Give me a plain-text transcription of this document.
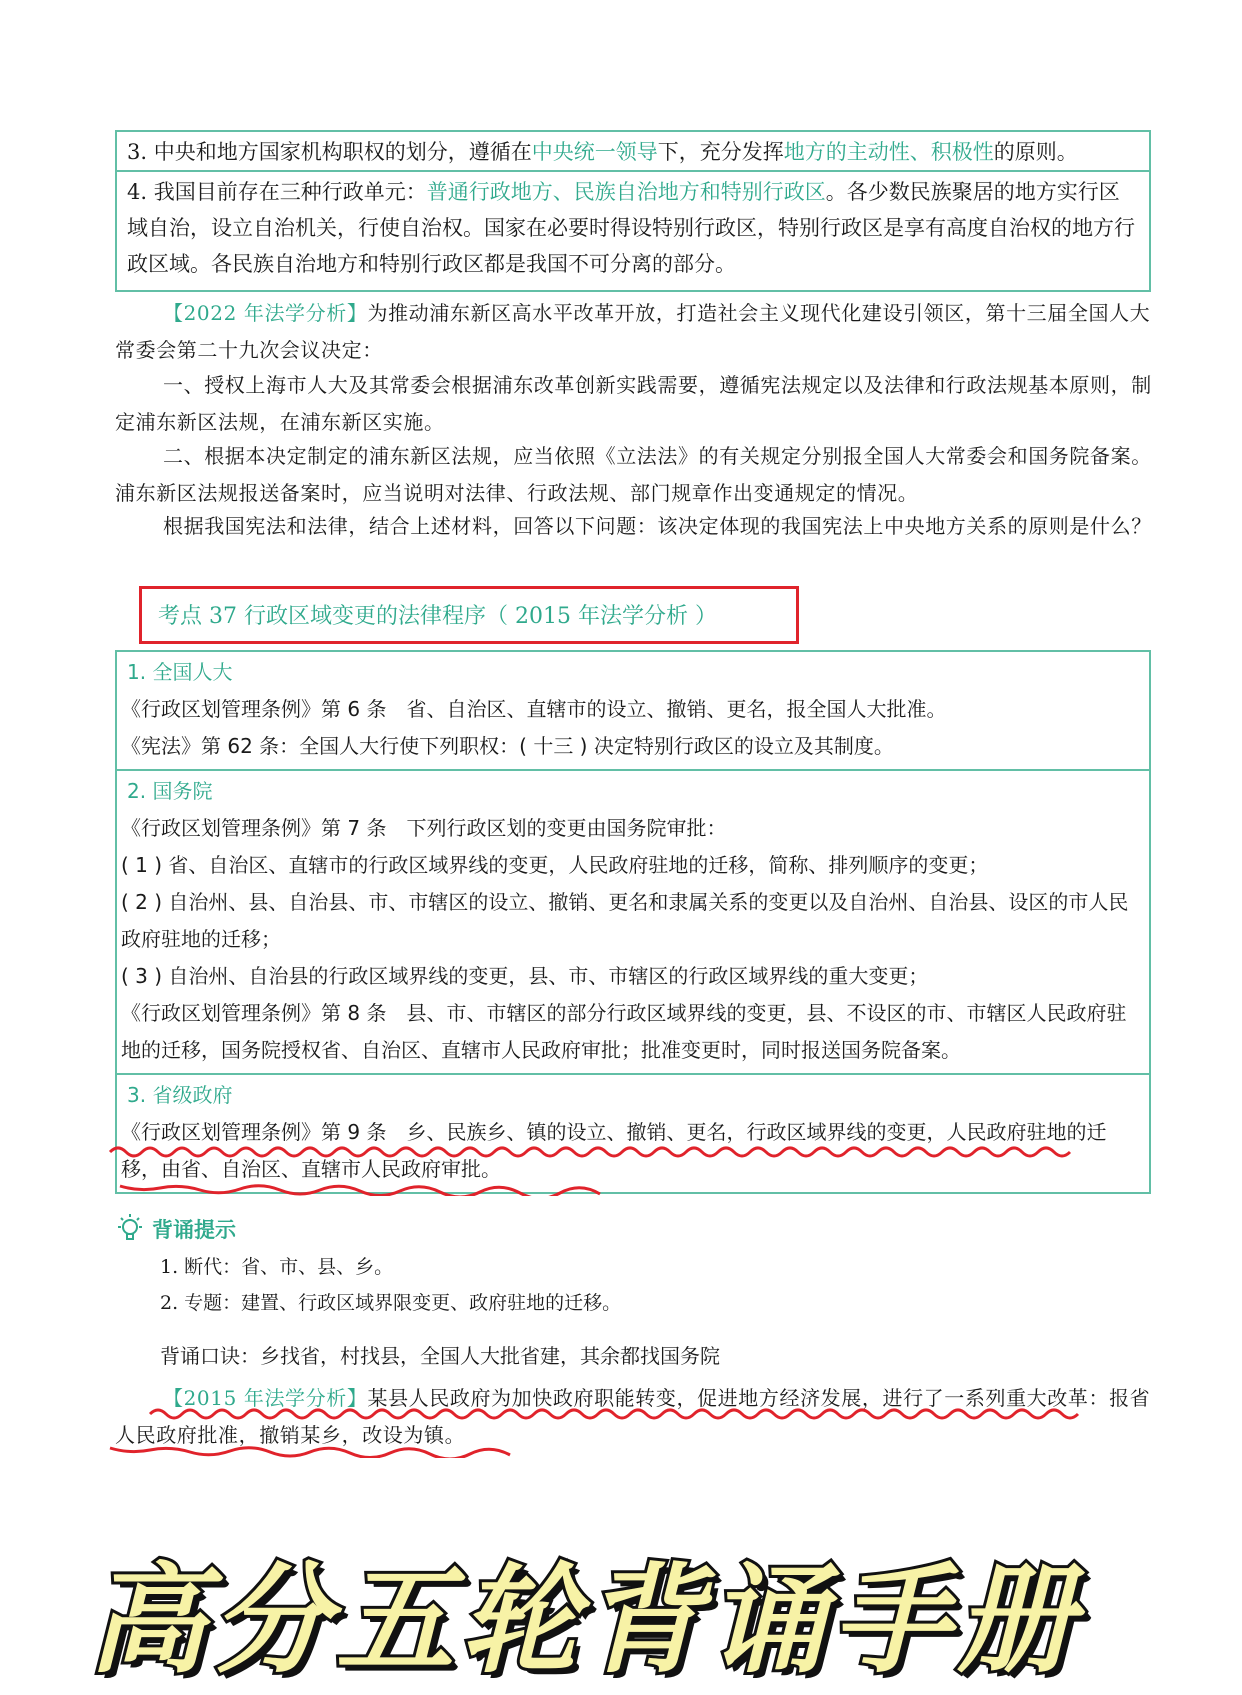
3. 中央和地方国家机构职权的划分，遵循在中央统一领导下，充分发挥地方的主动性、积极性的原则。
4. 我国目前存在三种行政单元：普通行政地方、民族自治地方和特别行政区。各少数民族聚居的地方实行区域自治，设立自治机关，行使自治权。国家在必要时得设特别行政区，特别行政区是享有高度自治权的地方行政区域。各民族自治地方和特别行政区都是我国不可分离的部分。
【2022 年法学分析】为推动浦东新区高水平改革开放，打造社会主义现代化建设引领区，第十三届全国人大常委会第二十九次会议决定：
一、授权上海市人大及其常委会根据浦东改革创新实践需要，遵循宪法规定以及法律和行政法规基本原则，制定浦东新区法规，在浦东新区实施。
二、根据本决定制定的浦东新区法规，应当依照《立法法》的有关规定分别报全国人大常委会和国务院备案。浦东新区法规报送备案时，应当说明对法律、行政法规、部门规章作出变通规定的情况。
根据我国宪法和法律，结合上述材料，回答以下问题：该决定体现的我国宪法上中央地方关系的原则是什么？
考点 37 行政区域变更的法律程序（ 2015 年法学分析 ）
1. 全国人大
《行政区划管理条例》第 6 条　省、自治区、直辖市的设立、撤销、更名，报全国人大批准。
《宪法》第 62 条：全国人大行使下列职权：( 十三 ) 决定特别行政区的设立及其制度。
2. 国务院
《行政区划管理条例》第 7 条　下列行政区划的变更由国务院审批：
( 1 ) 省、自治区、直辖市的行政区域界线的变更，人民政府驻地的迁移，简称、排列顺序的变更；
( 2 ) 自治州、县、自治县、市、市辖区的设立、撤销、更名和隶属关系的变更以及自治州、自治县、设区的市人民政府驻地的迁移；
( 3 ) 自治州、自治县的行政区域界线的变更，县、市、市辖区的行政区域界线的重大变更；
《行政区划管理条例》第 8 条　县、市、市辖区的部分行政区域界线的变更，县、不设区的市、市辖区人民政府驻地的迁移，国务院授权省、自治区、直辖市人民政府审批；批准变更时，同时报送国务院备案。
3. 省级政府
《行政区划管理条例》第 9 条　乡、民族乡、镇的设立、撤销、更名，行政区域界线的变更，人民政府驻地的迁移，由省、自治区、直辖市人民政府审批。
背诵提示
1. 断代：省、市、县、乡。
2. 专题：建置、行政区域界限变更、政府驻地的迁移。
背诵口诀：乡找省，村找县，全国人大批省建，其余都找国务院
【2015 年法学分析】某县人民政府为加快政府职能转变，促进地方经济发展，进行了一系列重大改革：报省人民政府批准，撤销某乡，改设为镇。
高分五轮背诵手册
